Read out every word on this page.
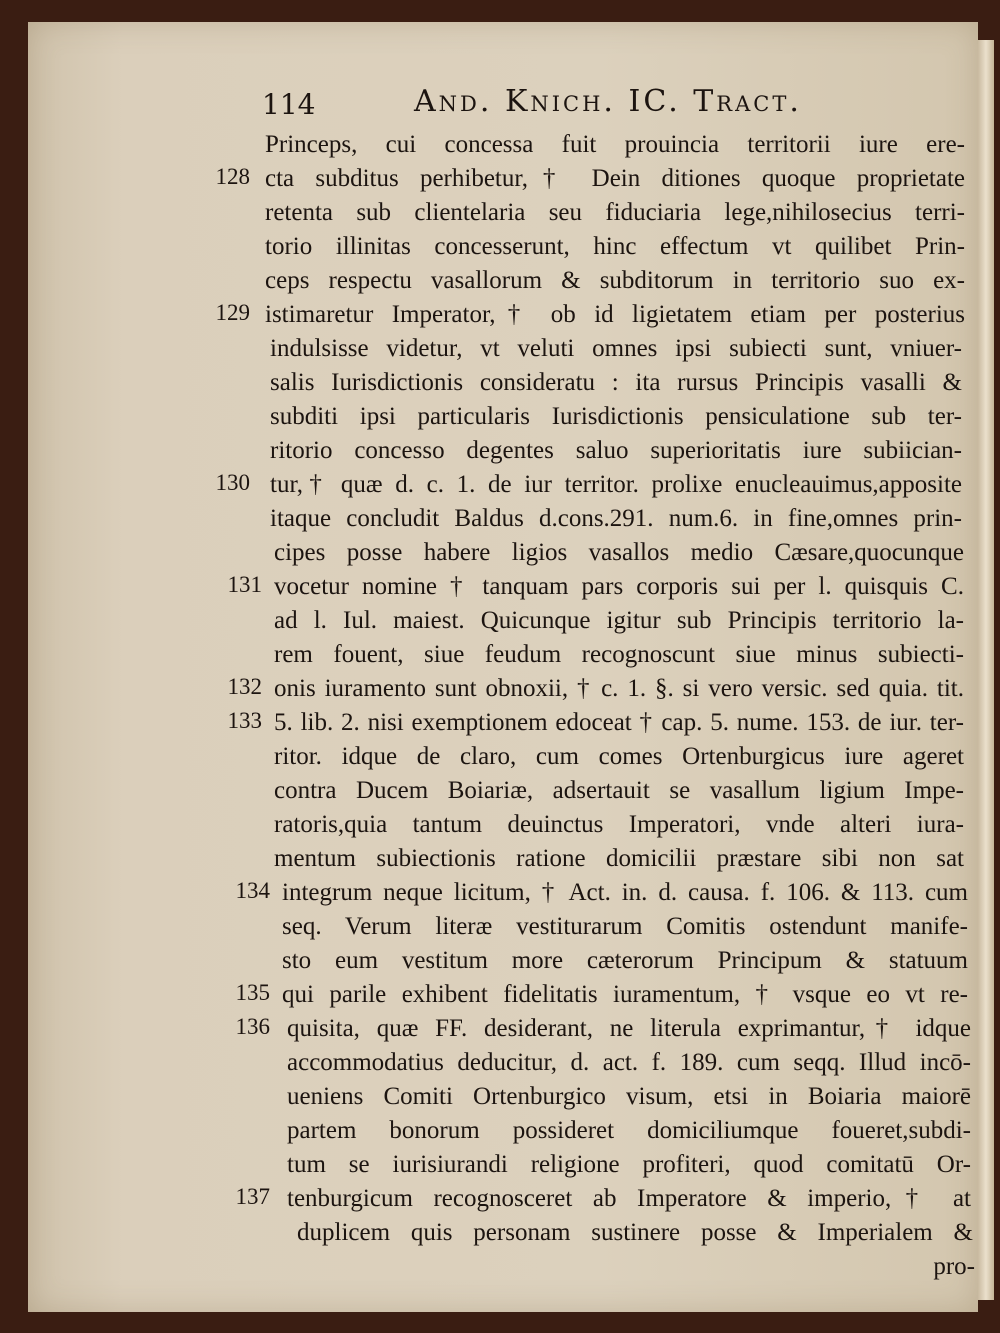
114	And. Knich. IC. Tract.
Princeps, cui concessa fuit prouincia territorii iure ere-
cta subditus perhibetur,† Dein ditiones quoque proprietate
retenta sub clientelaria seu fiduciaria lege,nihilosecius terri-
torio illinitas concesserunt, hinc effectum vt quilibet Prin-
ceps respectu vasallorum & subditorum in territorio suo ex-
istimaretur Imperator,† ob id ligietatem etiam per posterius
indulsisse videtur, vt veluti omnes ipsi subiecti sunt, vniuer-
salis Iurisdictionis consideratu : ita rursus Principis vasalli &
subditi ipsi particularis Iurisdictionis pensiculatione sub ter-
ritorio concesso degentes saluo superioritatis iure subiician-
tur,† quæ d. c. 1. de iur territor. prolixe enucleauimus,apposite
itaque concludit Baldus d.cons.291. num.6. in fine,omnes prin-
cipes posse habere ligios vasallos medio Cæsare,quocunque
vocetur nomine † tanquam pars corporis sui per l. quisquis C.
ad l. Iul. maiest. Quicunque igitur sub Principis territorio la-
rem fouent, siue feudum recognoscunt siue minus subiecti-
onis iuramento sunt obnoxii, † c. 1. §. si vero versic. sed quia. tit.
5. lib. 2. nisi exemptionem edoceat † cap. 5. nume. 153. de iur. ter-
ritor. idque de claro, cum comes Ortenburgicus iure ageret
contra Ducem Boiariæ, adsertauit se vasallum ligium Impe-
ratoris,quia tantum deuinctus Imperatori, vnde alteri iura-
mentum subiectionis ratione domicilii præstare sibi non sat
integrum neque licitum, † Act. in. d. causa. f. 106. & 113. cum
seq. Verum literæ vestiturarum Comitis ostendunt manife-
sto eum vestitum more cæterorum Principum & statuum
qui parile exhibent fidelitatis iuramentum, † vsque eo vt re-
quisita, quæ FF. desiderant, ne literula exprimantur,† idque
accommodatius deducitur, d. act. f. 189. cum seqq. Illud incō-
ueniens Comiti Ortenburgico visum, etsi in Boiaria maiorē
partem bonorum possideret domiciliumque foueret,subdi-
tum se iurisiurandi religione profiteri, quod comitatū Or-
tenburgicum recognosceret ab Imperatore & imperio,† at
duplicem quis personam sustinere posse & Imperialem &
pro-
128
129
130
131
132
133
134
135
136
137
